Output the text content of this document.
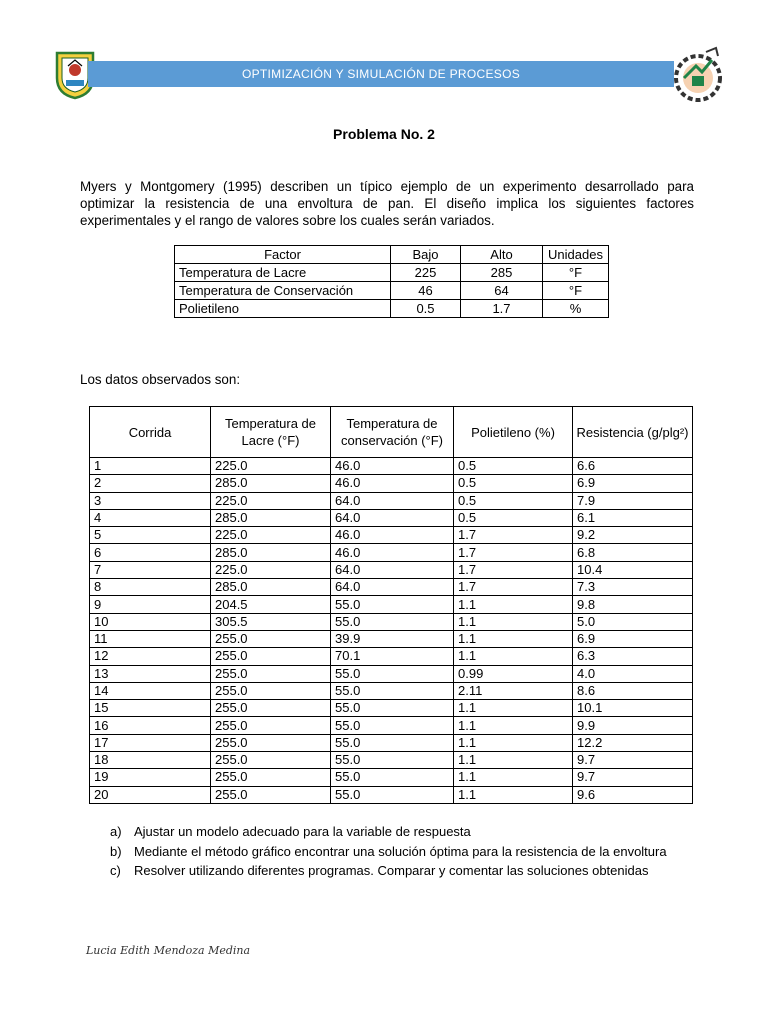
OPTIMIZACIÓN Y SIMULACIÓN DE PROCESOS
Problema No. 2

Myers y Montgomery (1995) describen un típico ejemplo de un experimento desarrollado para optimizar la resistencia de una envoltura de pan. El diseño implica los siguientes factores experimentales y el rango de valores sobre los cuales serán variados.

Factor	Bajo	Alto	Unidades
Temperatura de Lacre	225	285	°F
Temperatura de Conservación	46	64	°F
Polietileno	0.5	1.7	%

Los datos observados son:

Corrida	Temperatura de Lacre (°F)	Temperatura de conservación (°F)	Polietileno (%)	Resistencia (g/plg²)
1	225.0	46.0	0.5	6.6
2	285.0	46.0	0.5	6.9
3	225.0	64.0	0.5	7.9
4	285.0	64.0	0.5	6.1
5	225.0	46.0	1.7	9.2
6	285.0	46.0	1.7	6.8
7	225.0	64.0	1.7	10.4
8	285.0	64.0	1.7	7.3
9	204.5	55.0	1.1	9.8
10	305.5	55.0	1.1	5.0
11	255.0	39.9	1.1	6.9
12	255.0	70.1	1.1	6.3
13	255.0	55.0	0.99	4.0
14	255.0	55.0	2.11	8.6
15	255.0	55.0	1.1	10.1
16	255.0	55.0	1.1	9.9
17	255.0	55.0	1.1	12.2
18	255.0	55.0	1.1	9.7
19	255.0	55.0	1.1	9.7
20	255.0	55.0	1.1	9.6
a) Ajustar un modelo adecuado para la variable de respuesta
b) Mediante el método gráfico encontrar una solución óptima para la resistencia de la envoltura
c)	Resolver utilizando diferentes programas. Comparar y comentar las soluciones obtenidas
Lucia Edith Mendoza Medina
